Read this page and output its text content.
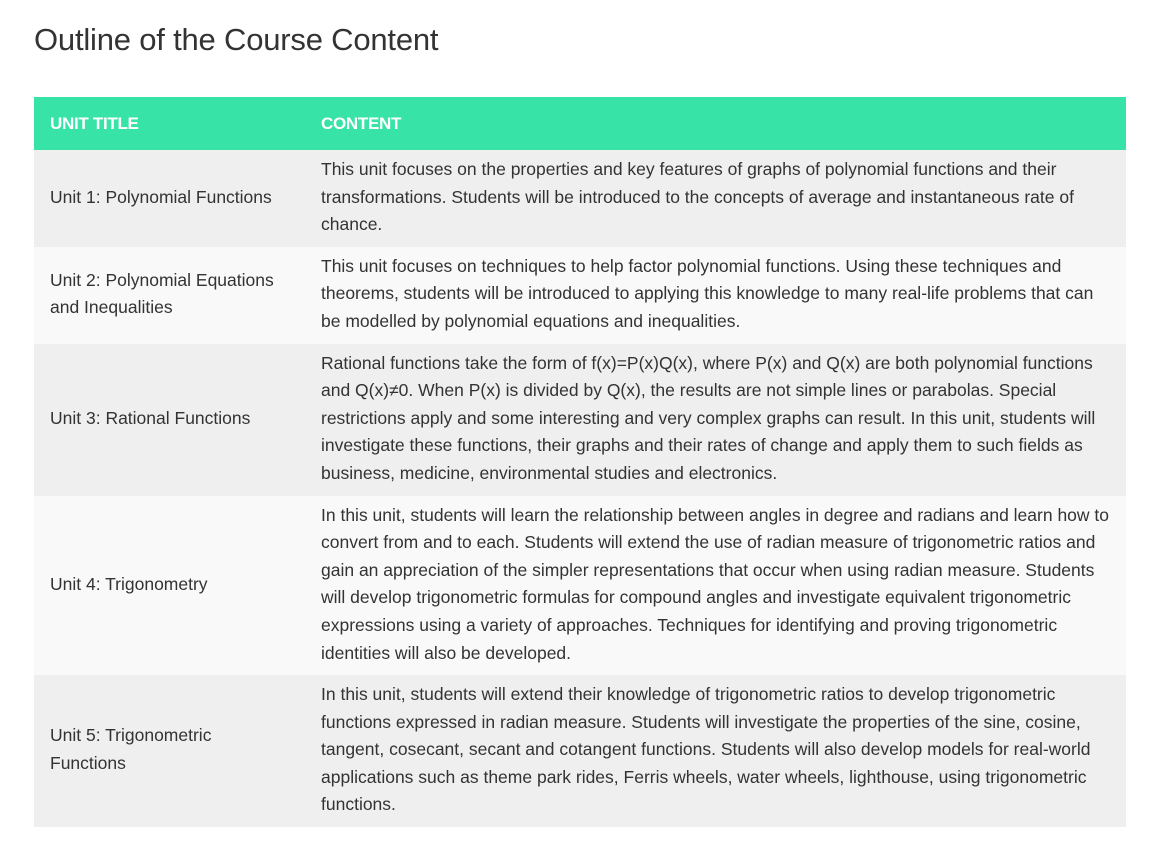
Outline of the Course Content
UNIT TITLE	CONTENT
Unit 1: Polynomial Functions	This unit focuses on the properties and key features of graphs of polynomial functions and their transformations. Students will be introduced to the concepts of average and instantaneous rate of chance.
Unit 2: Polynomial Equations and Inequalities	This unit focuses on techniques to help factor polynomial functions. Using these techniques and theorems, students will be introduced to applying this knowledge to many real-life problems that can be modelled by polynomial equations and inequalities.
Unit 3: Rational Functions	Rational functions take the form of f(x)=P(x)Q(x), where P(x) and Q(x) are both polynomial functions and Q(x)≠0. When P(x) is divided by Q(x), the results are not simple lines or parabolas. Special restrictions apply and some interesting and very complex graphs can result. In this unit, students will investigate these functions, their graphs and their rates of change and apply them to such fields as business, medicine, environmental studies and electronics.
Unit 4: Trigonometry	In this unit, students will learn the relationship between angles in degree and radians and learn how to convert from and to each. Students will extend the use of radian measure of trigonometric ratios and gain an appreciation of the simpler representations that occur when using radian measure. Students will develop trigonometric formulas for compound angles and investigate equivalent trigonometric expressions using a variety of approaches. Techniques for identifying and proving trigonometric identities will also be developed.
Unit 5: Trigonometric Functions	In this unit, students will extend their knowledge of trigonometric ratios to develop trigonometric functions expressed in radian measure. Students will investigate the properties of the sine, cosine, tangent, cosecant, secant and cotangent functions. Students will also develop models for real-world applications such as theme park rides, Ferris wheels, water wheels, lighthouse, using trigonometric functions.
